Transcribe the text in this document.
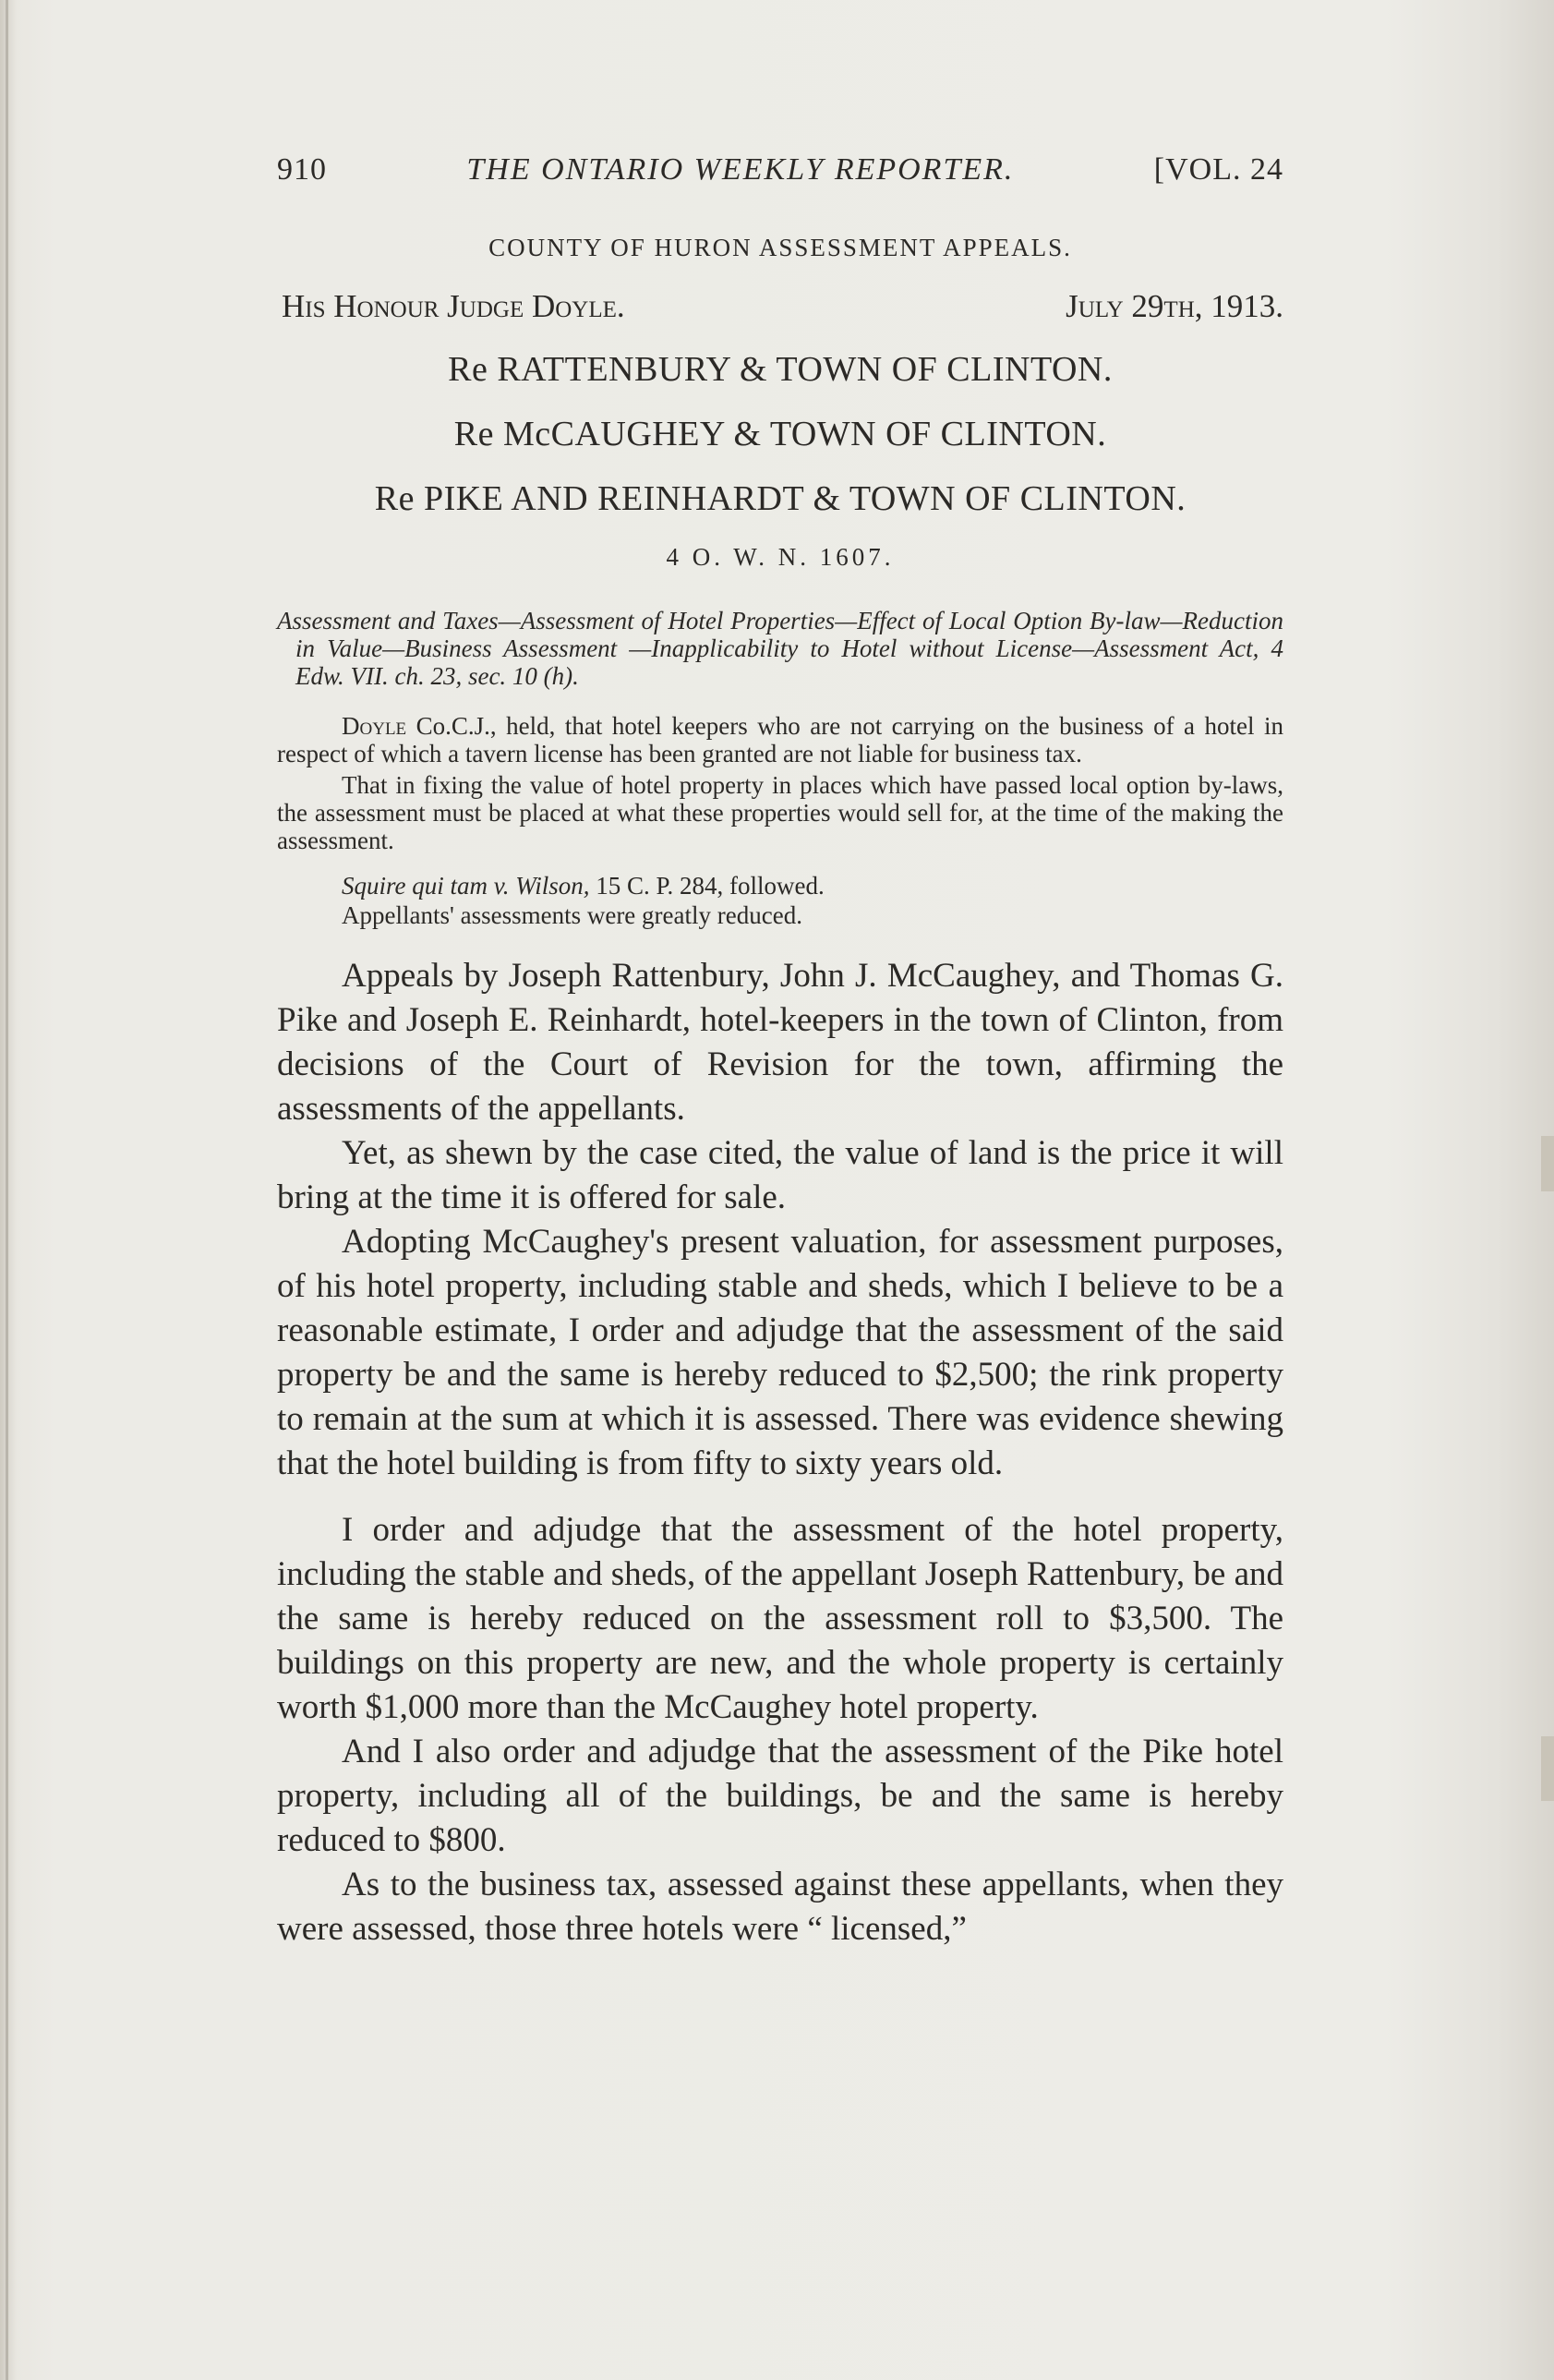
910	THE ONTARIO WEEKLY REPORTER.	[VOL. 24
COUNTY OF HURON ASSESSMENT APPEALS.
His Honour Judge Doyle.	July 29th, 1913.
Re RATTENBURY & TOWN OF CLINTON.
Re McCAUGHEY & TOWN OF CLINTON.
Re PIKE AND REINHARDT & TOWN OF CLINTON.
4 O. W. N. 1607.
Assessment and Taxes—Assessment of Hotel Properties—Effect of Local Option By-law—Reduction in Value—Business Assessment —Inapplicability to Hotel without License—Assessment Act, 4 Edw. VII. ch. 23, sec. 10 (h).

Doyle Co.C.J., held, that hotel keepers who are not carrying on the business of a hotel in respect of which a tavern license has been granted are not liable for business tax.

That in fixing the value of hotel property in places which have passed local option by-laws, the assessment must be placed at what these properties would sell for, at the time of the making the assessment.

Squire qui tam v. Wilson, 15 C. P. 284, followed.
Appellants' assessments were greatly reduced.

Appeals by Joseph Rattenbury, John J. McCaughey, and Thomas G. Pike and Joseph E. Reinhardt, hotel-keepers in the town of Clinton, from decisions of the Court of Revision for the town, affirming the assessments of the appellants.

Yet, as shewn by the case cited, the value of land is the price it will bring at the time it is offered for sale.

Adopting McCaughey's present valuation, for assessment purposes, of his hotel property, including stable and sheds, which I believe to be a reasonable estimate, I order and adjudge that the assessment of the said property be and the same is hereby reduced to $2,500; the rink property to remain at the sum at which it is assessed. There was evidence shewing that the hotel building is from fifty to sixty years old.

I order and adjudge that the assessment of the hotel property, including the stable and sheds, of the appellant Joseph Rattenbury, be and the same is hereby reduced on the assessment roll to $3,500. The buildings on this property are new, and the whole property is certainly worth $1,000 more than the McCaughey hotel property.

And I also order and adjudge that the assessment of the Pike hotel property, including all of the buildings, be and the same is hereby reduced to $800.

As to the business tax, assessed against these appellants, when they were assessed, those three hotels were “ licensed,”
